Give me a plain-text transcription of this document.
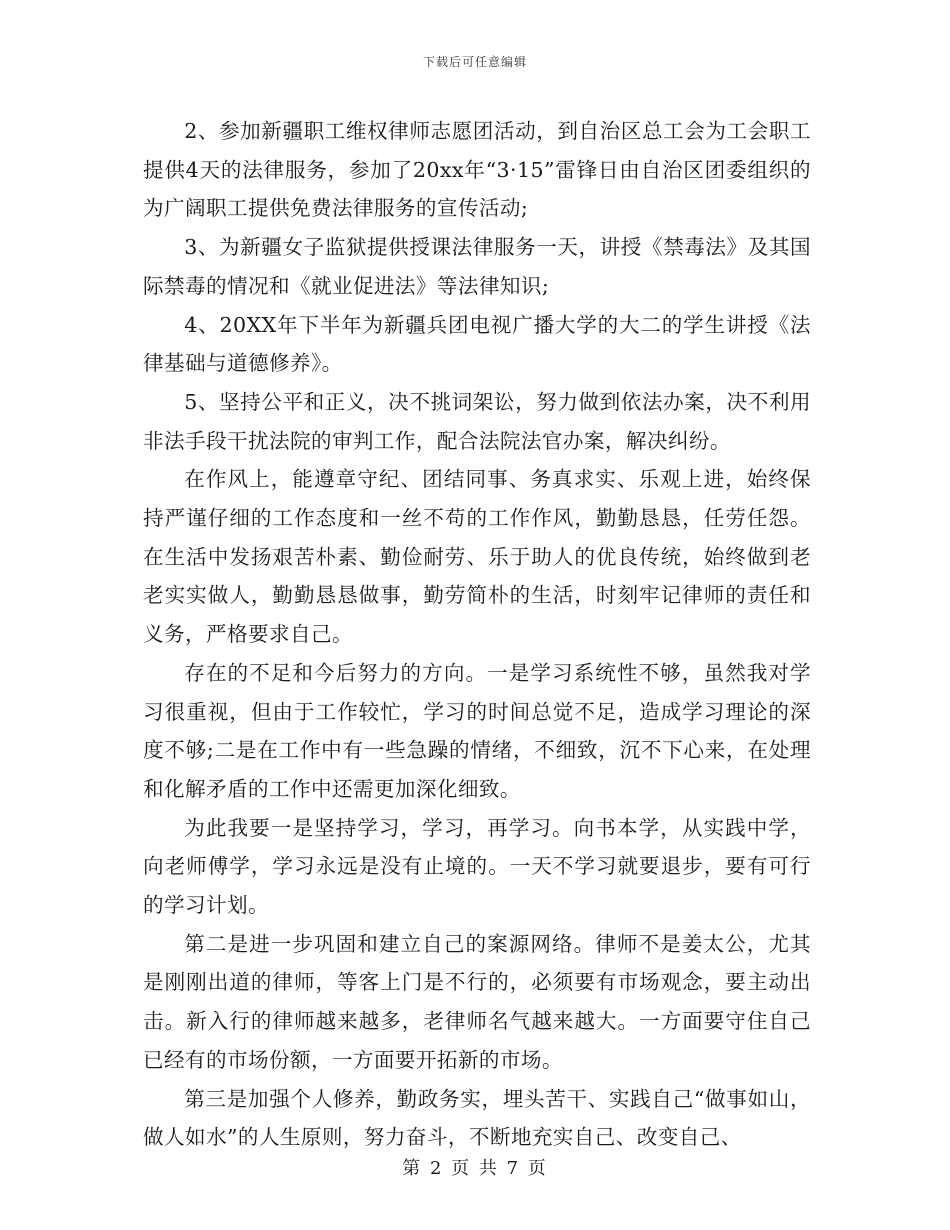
下载后可任意编辑

2、参加新疆职工维权律师志愿团活动，到自治区总工会为工会职工提供4天的法律服务，参加了20xx年“3·15”雷锋日由自治区团委组织的为广阔职工提供免费法律服务的宣传活动;

3、为新疆女子监狱提供授课法律服务一天，讲授《禁毒法》及其国际禁毒的情况和《就业促进法》等法律知识;

4、20XX年下半年为新疆兵团电视广播大学的大二的学生讲授《法律基础与道德修养》。

5、坚持公平和正义，决不挑词架讼，努力做到依法办案，决不利用非法手段干扰法院的审判工作，配合法院法官办案，解决纠纷。

在作风上，能遵章守纪、团结同事、务真求实、乐观上进，始终保持严谨仔细的工作态度和一丝不苟的工作作风，勤勤恳恳，任劳任怨。在生活中发扬艰苦朴素、勤俭耐劳、乐于助人的优良传统，始终做到老老实实做人，勤勤恳恳做事，勤劳简朴的生活，时刻牢记律师的责任和义务，严格要求自己。

存在的不足和今后努力的方向。一是学习系统性不够，虽然我对学习很重视，但由于工作较忙，学习的时间总觉不足，造成学习理论的深度不够;二是在工作中有一些急躁的情绪，不细致，沉不下心来，在处理和化解矛盾的工作中还需更加深化细致。

为此我要一是坚持学习，学习，再学习。向书本学，从实践中学，向老师傅学，学习永远是没有止境的。一天不学习就要退步，要有可行的学习计划。

第二是进一步巩固和建立自己的案源网络。律师不是姜太公，尤其是刚刚出道的律师，等客上门是不行的，必须要有市场观念，要主动出击。新入行的律师越来越多，老律师名气越来越大。一方面要守住自己已经有的市场份额，一方面要开拓新的市场。

第三是加强个人修养，勤政务实，埋头苦干、实践自己“做事如山，做人如水”的人生原则，努力奋斗，不断地充实自己、改变自己、

第 2 页 共 7 页
